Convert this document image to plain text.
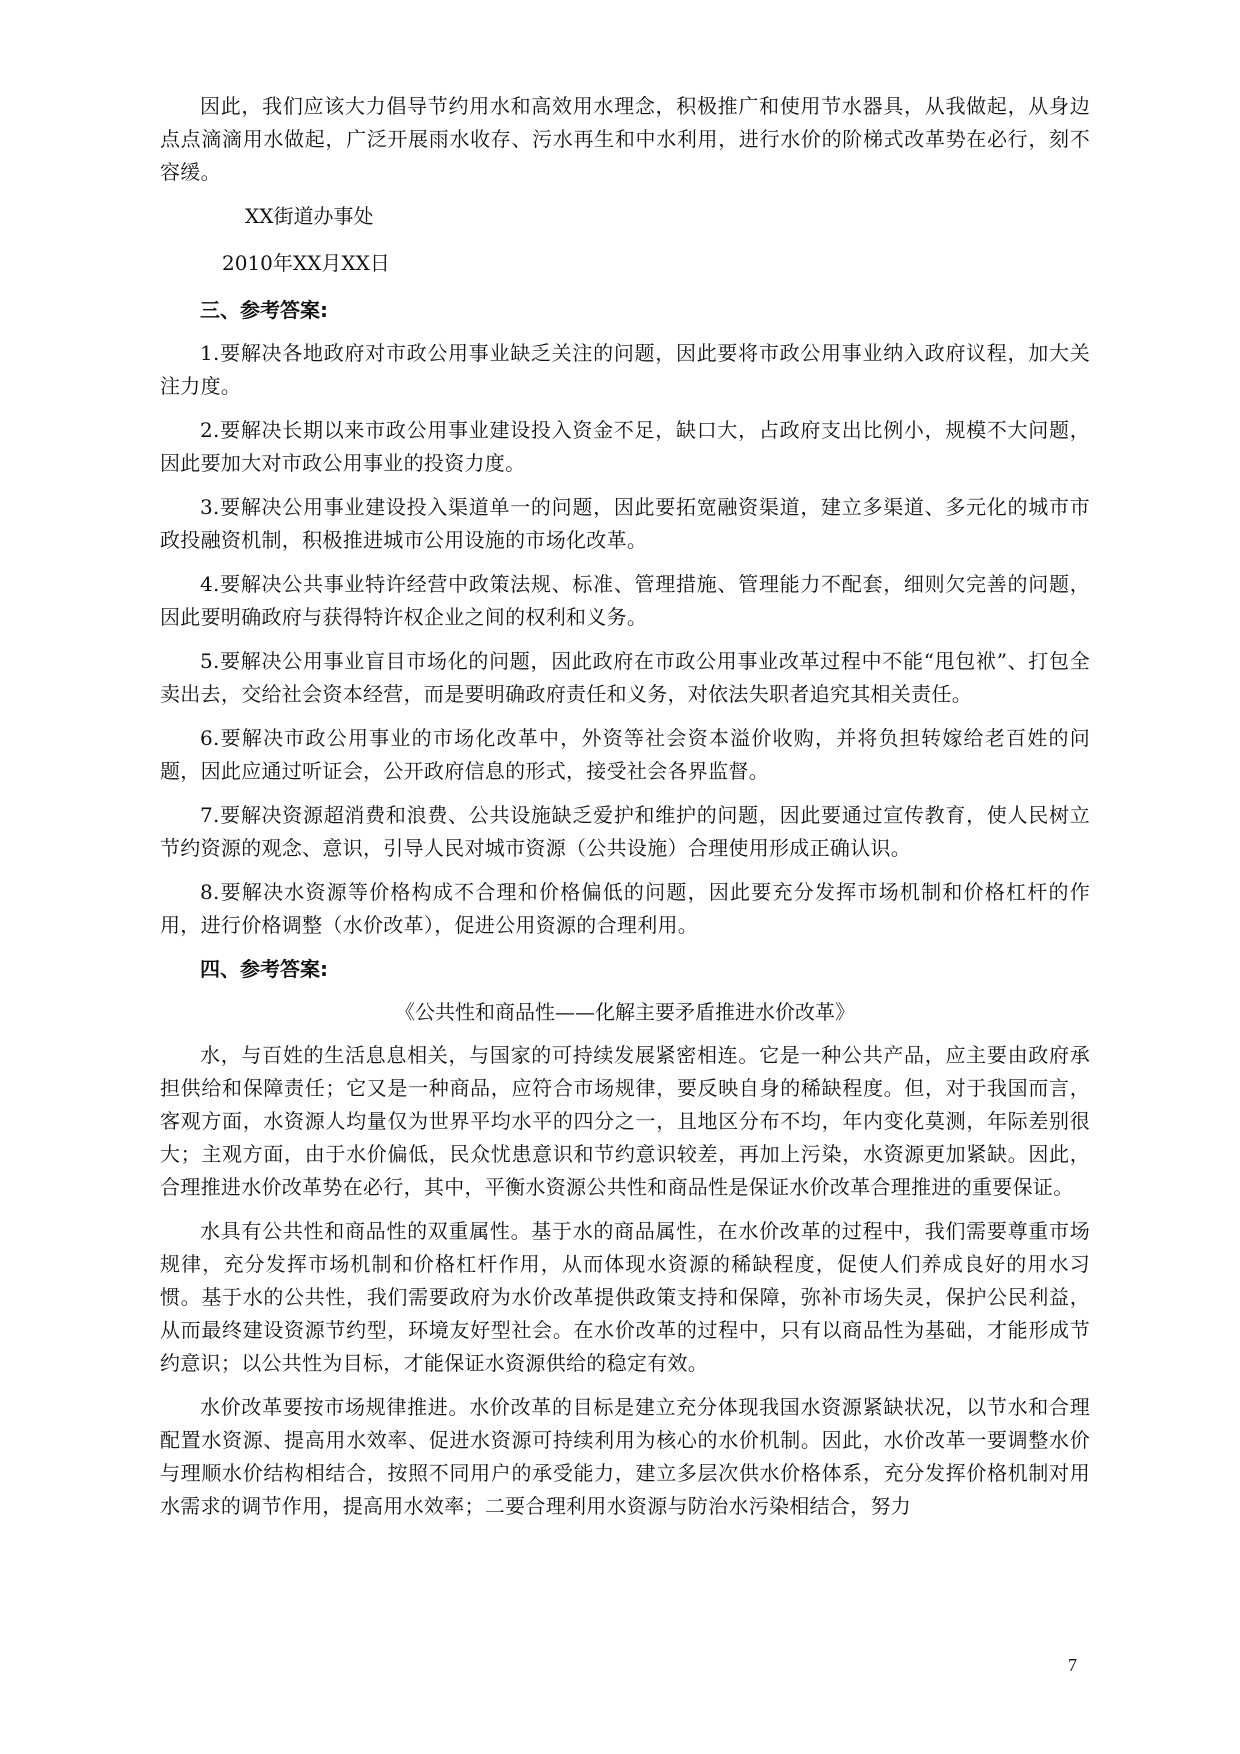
因此，我们应该大力倡导节约用水和高效用水理念，积极推广和使用节水器具，从我做起，从身边点点滴滴用水做起，广泛开展雨水收存、污水再生和中水利用，进行水价的阶梯式改革势在必行，刻不容缓。

XX街道办事处
2010年XX月XX日
三、参考答案:

1.要解决各地政府对市政公用事业缺乏关注的问题，因此要将市政公用事业纳入政府议程，加大关注力度。

2.要解决长期以来市政公用事业建设投入资金不足，缺口大，占政府支出比例小，规模不大问题，因此要加大对市政公用事业的投资力度。

3.要解决公用事业建设投入渠道单一的问题，因此要拓宽融资渠道，建立多渠道、多元化的城市市政投融资机制，积极推进城市公用设施的市场化改革。

4.要解决公共事业特许经营中政策法规、标准、管理措施、管理能力不配套，细则欠完善的问题，因此要明确政府与获得特许权企业之间的权利和义务。

5.要解决公用事业盲目市场化的问题，因此政府在市政公用事业改革过程中不能“甩包袱”、打包全卖出去，交给社会资本经营，而是要明确政府责任和义务，对依法失职者追究其相关责任。

6.要解决市政公用事业的市场化改革中，外资等社会资本溢价收购，并将负担转嫁给老百姓的问题，因此应通过听证会，公开政府信息的形式，接受社会各界监督。

7.要解决资源超消费和浪费、公共设施缺乏爱护和维护的问题，因此要通过宣传教育，使人民树立节约资源的观念、意识，引导人民对城市资源（公共设施）合理使用形成正确认识。

8.要解决水资源等价格构成不合理和价格偏低的问题，因此要充分发挥市场机制和价格杠杆的作用，进行价格调整（水价改革），促进公用资源的合理利用。

四、参考答案:
《公共性和商品性——化解主要矛盾推进水价改革》

水，与百姓的生活息息相关，与国家的可持续发展紧密相连。它是一种公共产品，应主要由政府承担供给和保障责任；它又是一种商品，应符合市场规律，要反映自身的稀缺程度。但，对于我国而言，客观方面，水资源人均量仅为世界平均水平的四分之一，且地区分布不均，年内变化莫测，年际差别很大；主观方面，由于水价偏低，民众忧患意识和节约意识较差，再加上污染，水资源更加紧缺。因此，合理推进水价改革势在必行，其中，平衡水资源公共性和商品性是保证水价改革合理推进的重要保证。

水具有公共性和商品性的双重属性。基于水的商品属性，在水价改革的过程中，我们需要尊重市场规律，充分发挥市场机制和价格杠杆作用，从而体现水资源的稀缺程度，促使人们养成良好的用水习惯。基于水的公共性，我们需要政府为水价改革提供政策支持和保障，弥补市场失灵，保护公民利益，从而最终建设资源节约型，环境友好型社会。在水价改革的过程中，只有以商品性为基础，才能形成节约意识；以公共性为目标，才能保证水资源供给的稳定有效。

水价改革要按市场规律推进。水价改革的目标是建立充分体现我国水资源紧缺状况，以节水和合理配置水资源、提高用水效率、促进水资源可持续利用为核心的水价机制。因此，水价改革一要调整水价与理顺水价结构相结合，按照不同用户的承受能力，建立多层次供水价格体系，充分发挥价格机制对用水需求的调节作用，提高用水效率；二要合理利用水资源与防治水污染相结合，努力

7
